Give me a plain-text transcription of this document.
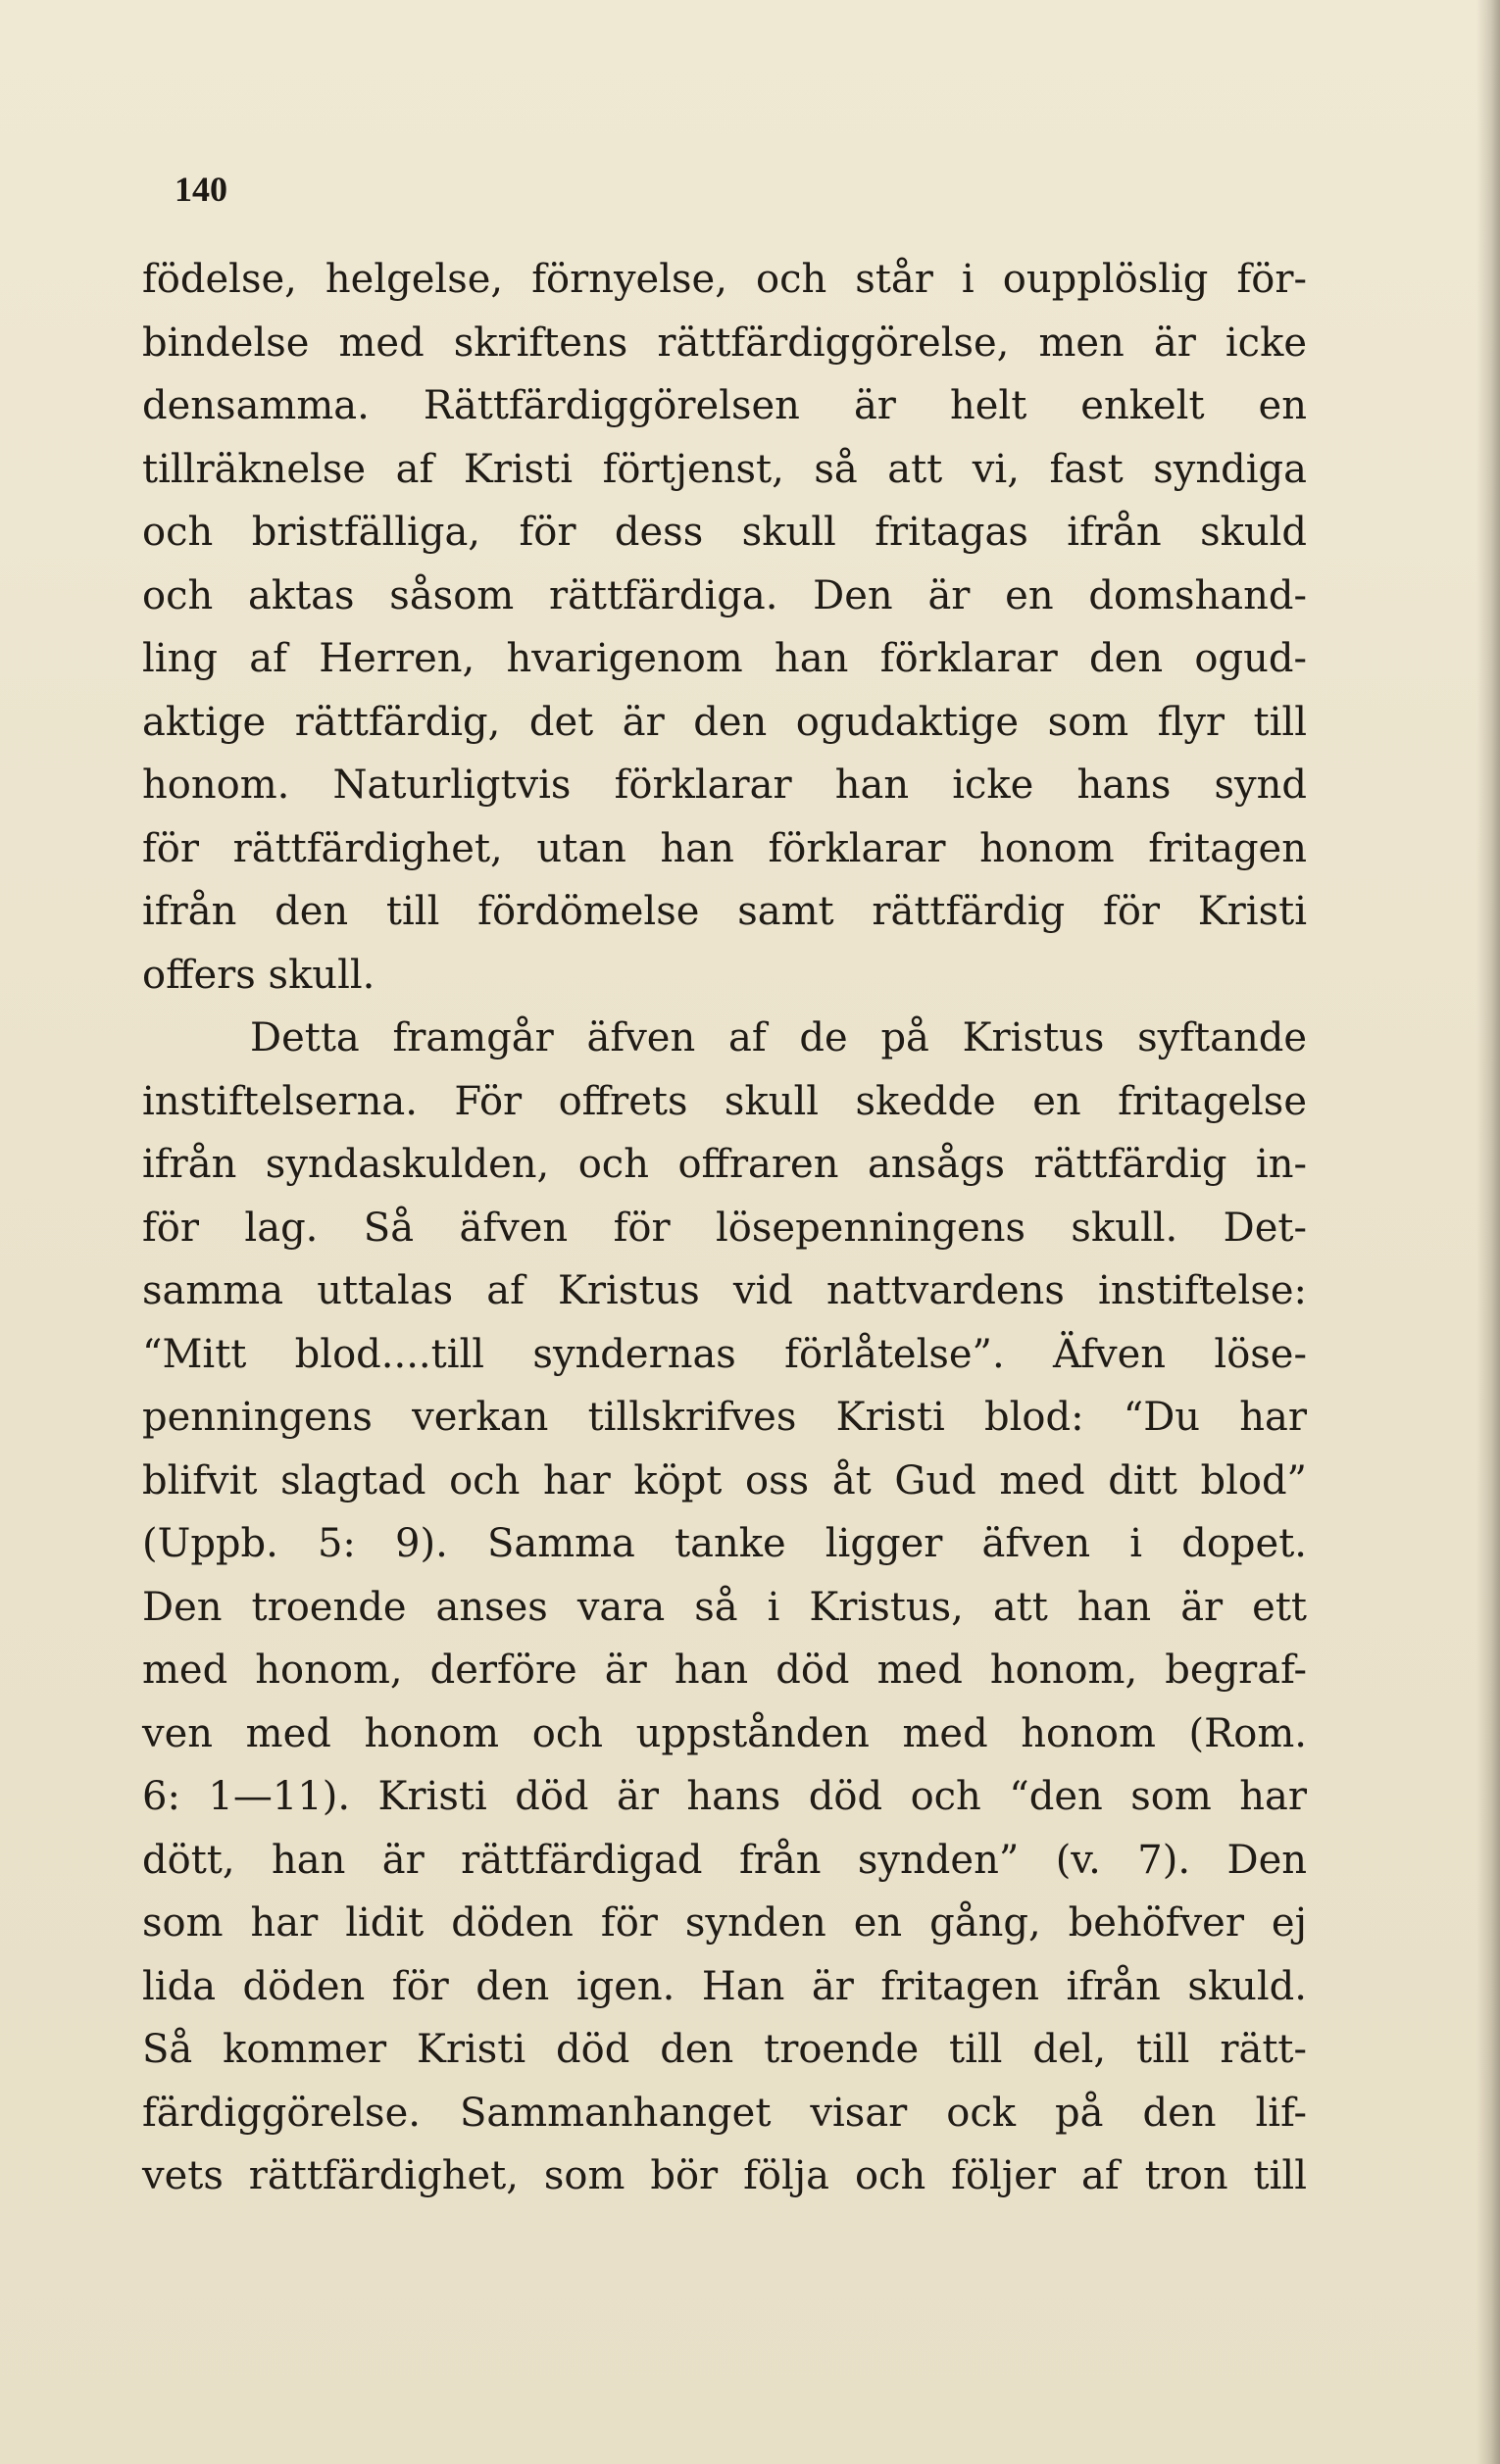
140
födelse, helgelse, förnyelse, och står i oupplöslig för-
bindelse med skriftens rättfärdiggörelse, men är icke
densamma. Rättfärdiggörelsen är helt enkelt en
tillräknelse af Kristi förtjenst, så att vi, fast syndiga
och bristfälliga, för dess skull fritagas ifrån skuld
och aktas såsom rättfärdiga. Den är en domshand-
ling af Herren, hvarigenom han förklarar den ogud-
aktige rättfärdig, det är den ogudaktige som flyr till
honom. Naturligtvis förklarar han icke hans synd
för rättfärdighet, utan han förklarar honom fritagen
ifrån den till fördömelse samt rättfärdig för Kristi
offers skull.
Detta framgår äfven af de på Kristus syftande
instiftelserna. För offrets skull skedde en fritagelse
ifrån syndaskulden, och offraren ansågs rättfärdig in-
för lag. Så äfven för lösepenningens skull. Det-
samma uttalas af Kristus vid nattvardens instiftelse:
“Mitt blod....till syndernas förlåtelse”. Äfven löse-
penningens verkan tillskrifves Kristi blod: “Du har
blifvit slagtad och har köpt oss åt Gud med ditt blod”
(Uppb. 5: 9). Samma tanke ligger äfven i dopet.
Den troende anses vara så i Kristus, att han är ett
med honom, derföre är han död med honom, begraf-
ven med honom och uppstånden med honom (Rom.
6: 1—11). Kristi död är hans död och “den som har
dött, han är rättfärdigad från synden” (v. 7). Den
som har lidit döden för synden en gång, behöfver ej
lida döden för den igen. Han är fritagen ifrån skuld.
Så kommer Kristi död den troende till del, till rätt-
färdiggörelse. Sammanhanget visar ock på den lif-
vets rättfärdighet, som bör följa och följer af tron till
